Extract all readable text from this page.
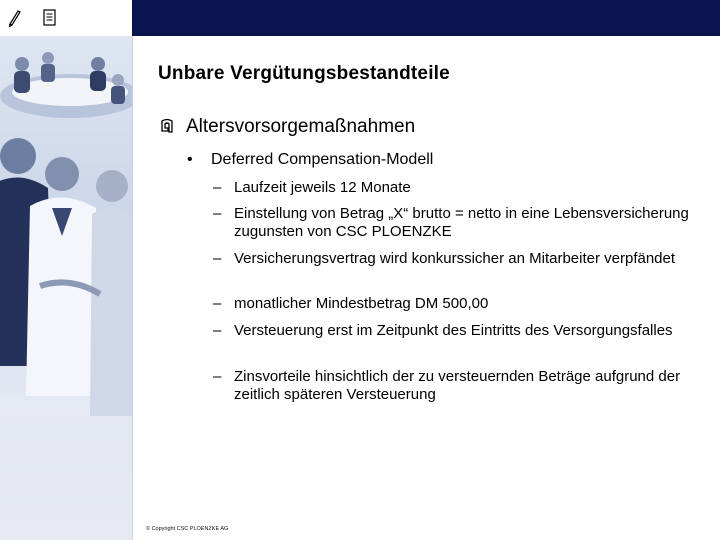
Unbare Vergütungsbestandteile
Altersvorsorgemaßnahmen
• Deferred Compensation-Modell
– Laufzeit jeweils 12 Monate
– Einstellung von Betrag „X“ brutto = netto in eine Lebensversicherung zugunsten von CSC PLOENZKE
– Versicherungsvertrag wird konkurssicher an Mitarbeiter verpfändet
– monatlicher Mindestbetrag DM 500,00
– Versteuerung erst im Zeitpunkt des Eintritts des Versorgungsfalles
– Zinsvorteile hinsichtlich der zu versteuernden Beträge aufgrund der zeitlich späteren Versteuerung
© Copyright CSC PLOENZKE AG
